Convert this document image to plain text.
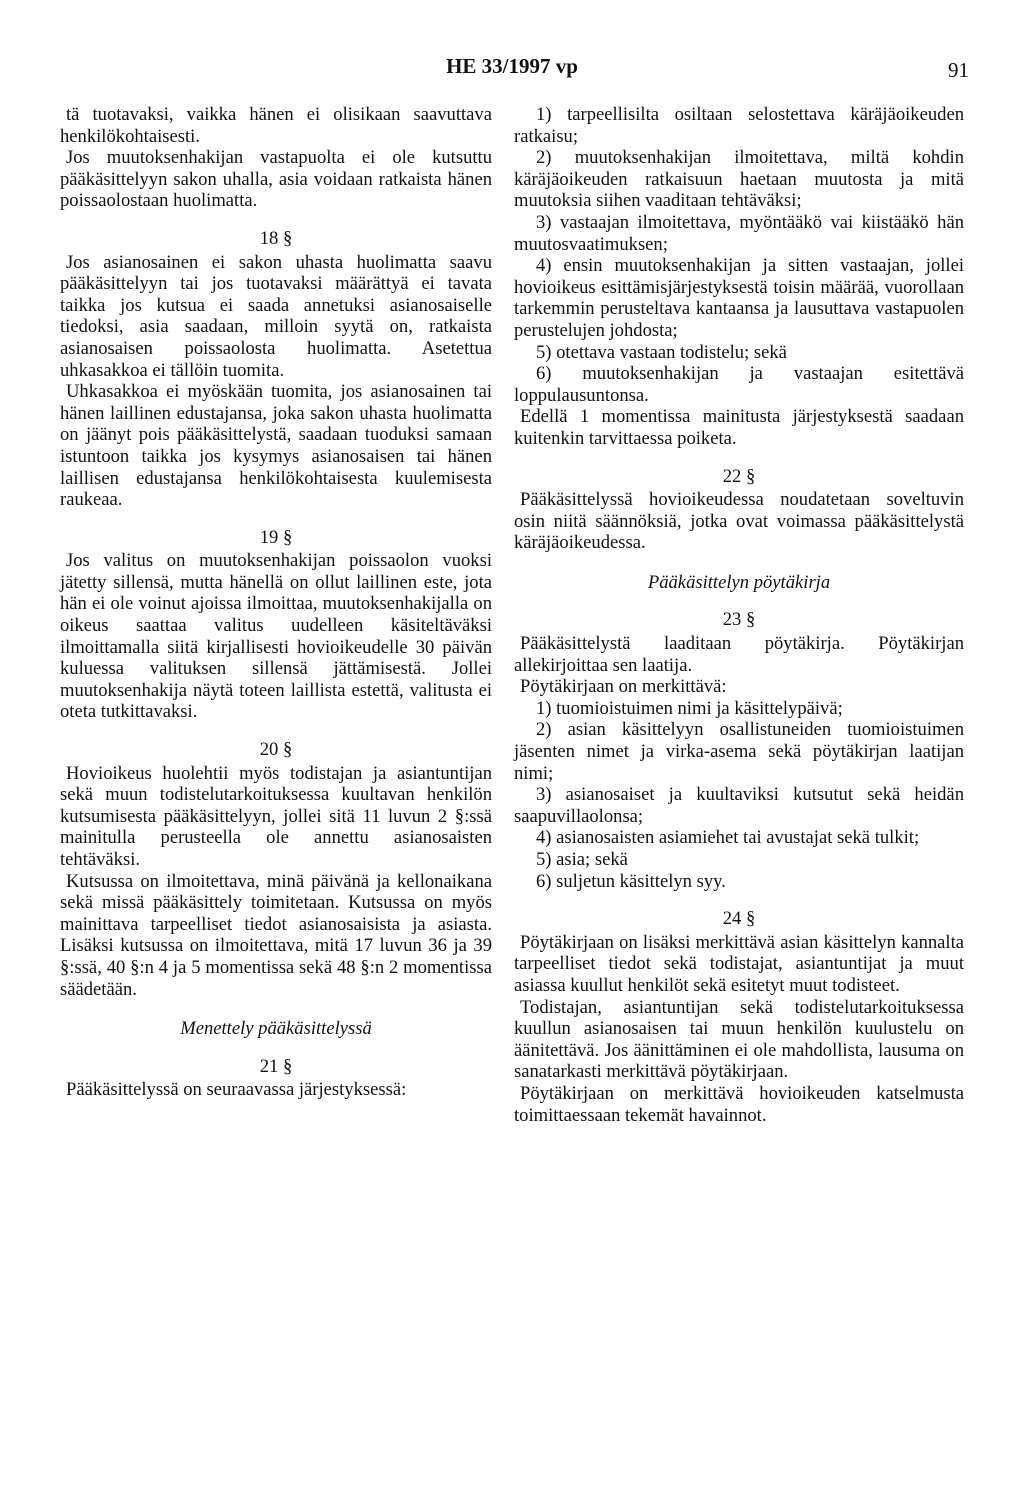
HE 33/1997 vp	91

tä tuotavaksi, vaikka hänen ei olisikaan saavuttava henkilökohtaisesti.

Jos muutoksenhakijan vastapuolta ei ole kutsuttu pääkäsittelyyn sakon uhalla, asia voidaan ratkaista hänen poissaolostaan huolimatta.

18 §

Jos asianosainen ei sakon uhasta huolimatta saavu pääkäsittelyyn tai jos tuotavaksi määrättyä ei tavata taikka jos kutsua ei saada annetuksi asianosaiselle tiedoksi, asia saadaan, milloin syytä on, ratkaista asianosaisen poissaolosta huolimatta. Asetettua uhkasakkoa ei tällöin tuomita.

Uhkasakkoa ei myöskään tuomita, jos asianosainen tai hänen laillinen edustajansa, joka sakon uhasta huolimatta on jäänyt pois pääkäsittelystä, saadaan tuoduksi samaan istuntoon taikka jos kysymys asianosaisen tai hänen laillisen edustajansa henkilökohtaisesta kuulemisesta raukeaa.

19 §

Jos valitus on muutoksenhakijan poissaolon vuoksi jätetty sillensä, mutta hänellä on ollut laillinen este, jota hän ei ole voinut ajoissa ilmoittaa, muutoksenhakijalla on oikeus saattaa valitus uudelleen käsiteltäväksi ilmoittamalla siitä kirjallisesti hovioikeudelle 30 päivän kuluessa valituksen sillensä jättämisestä. Jollei muutoksenhakija näytä toteen laillista estettä, valitusta ei oteta tutkittavaksi.

20 §

Hovioikeus huolehtii myös todistajan ja asiantuntijan sekä muun todistelutarkoituksessa kuultavan henkilön kutsumisesta pääkäsittelyyn, jollei sitä 11 luvun 2 §:ssä mainitulla perusteella ole annettu asianosaisten tehtäväksi.

Kutsussa on ilmoitettava, minä päivänä ja kellonaikana sekä missä pääkäsittely toimitetaan. Kutsussa on myös mainittava tarpeelliset tiedot asianosaisista ja asiasta. Lisäksi kutsussa on ilmoitettava, mitä 17 luvun 36 ja 39 §:ssä, 40 §:n 4 ja 5 momentissa sekä 48 §:n 2 momentissa säädetään.

Menettely pääkäsittelyssä

21 §

Pääkäsittelyssä on seuraavassa järjestyksessä:

1) tarpeellisilta osiltaan selostettava käräjäoikeuden ratkaisu;

2) muutoksenhakijan ilmoitettava, miltä kohdin käräjäoikeuden ratkaisuun haetaan muutosta ja mitä muutoksia siihen vaaditaan tehtäväksi;

3) vastaajan ilmoitettava, myöntääkö vai kiistääkö hän muutosvaatimuksen;

4) ensin muutoksenhakijan ja sitten vastaajan, jollei hovioikeus esittämisjärjestyksestä toisin määrää, vuorollaan tarkemmin perusteltava kantaansa ja lausuttava vastapuolen perustelujen johdosta;

5) otettava vastaan todistelu; sekä

6) muutoksenhakijan ja vastaajan esitettävä loppulausuntonsa.

Edellä 1 momentissa mainitusta järjestyksestä saadaan kuitenkin tarvittaessa poiketa.

22 §

Pääkäsittelyssä hovioikeudessa noudatetaan soveltuvin osin niitä säännöksiä, jotka ovat voimassa pääkäsittelystä käräjäoikeudessa.

Pääkäsittelyn pöytäkirja

23 §

Pääkäsittelystä laaditaan pöytäkirja. Pöytäkirjan allekirjoittaa sen laatija.

Pöytäkirjaan on merkittävä:

1) tuomioistuimen nimi ja käsittelypäivä;

2) asian käsittelyyn osallistuneiden tuomioistuimen jäsenten nimet ja virka-asema sekä pöytäkirjan laatijan nimi;

3) asianosaiset ja kuultaviksi kutsutut sekä heidän saapuvillaolonsa;

4) asianosaisten asiamiehet tai avustajat sekä tulkit;

5) asia; sekä

6) suljetun käsittelyn syy.

24 §

Pöytäkirjaan on lisäksi merkittävä asian käsittelyn kannalta tarpeelliset tiedot sekä todistajat, asiantuntijat ja muut asiassa kuullut henkilöt sekä esitetyt muut todisteet.

Todistajan, asiantuntijan sekä todistelutarkoituksessa kuullun asianosaisen tai muun henkilön kuulustelu on äänitettävä. Jos äänittäminen ei ole mahdollista, lausuma on sanatarkasti merkittävä pöytäkirjaan.

Pöytäkirjaan on merkittävä hovioikeuden katselmusta toimittaessaan tekemät havainnot.
